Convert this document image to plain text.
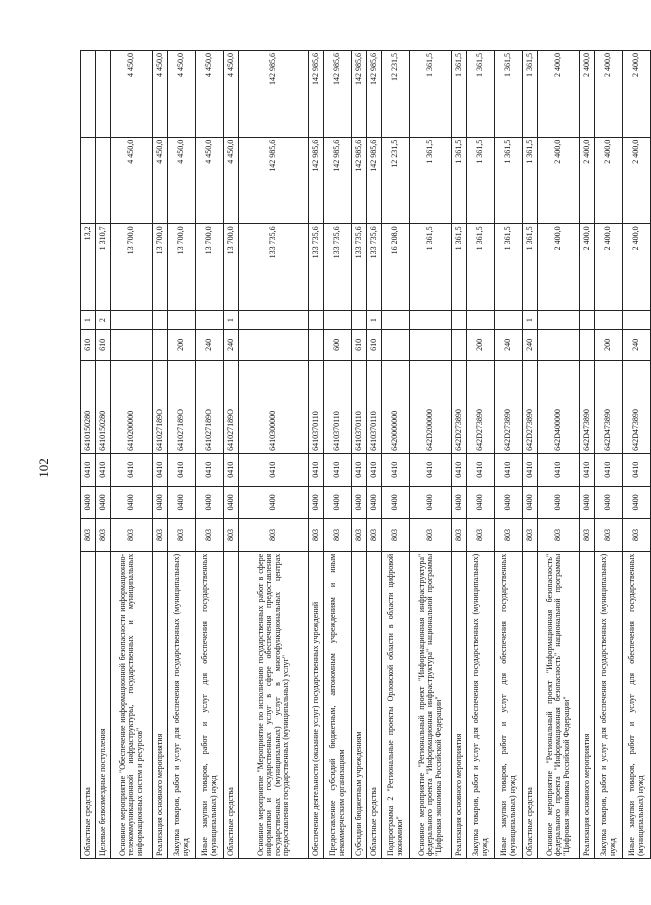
102
Областные средства	803	0400	0410	6410150280	610	1	13,2		
Целевые безвозмездные поступления	803	0400	0410	6410150280	610	2	1 310,7		
Основное мероприятие "Обеспечение информационной безопасности информационно-телекоммуникационной инфраструктуры, государственных и муниципальных информационных систем и ресурсов"	803	0400	0410	6410200000			13 700,0	4 450,0	4 450,0
Реализация основного мероприятия	803	0400	0410	641027189О			13 700,0	4 450,0	4 450,0
Закупка товаров, работ и услуг для обеспечения государственных (муниципальных) нужд	803	0400	0410	641027189О	200		13 700,0	4 450,0	4 450,0
Иные закупки товаров, работ и услуг для обеспечения государственных (муниципальных) нужд	803	0400	0410	641027189О	240		13 700,0	4 450,0	4 450,0
Областные средства	803	0400	0410	641027189О	240	1	13 700,0	4 450,0	4 450,0
Основное мероприятие "Мероприятие по исполнению государственных работ в сфере информатики и государственных услуг в сфере обеспечения предоставления государственных (муниципальных) услуг в многофункциональных центрах предоставления государственных (муниципальных) услуг"	803	0400	0410	6410300000			133 735,6	142 985,6	142 985,6
Обеспечение деятельности (оказание услуг) государственных учреждений	803	0400	0410	6410370110			133 735,6	142 985,6	142 985,6
Предоставление субсидий бюджетным, автономным учреждениям и иным некоммерческим организациям	803	0400	0410	6410370110	600		133 735,6	142 985,6	142 985,6
Субсидии бюджетным учреждениям	803	0400	0410	6410370110	610		133 735,6	142 985,6	142 985,6
Областные средства	803	0400	0410	6410370110	610	1	133 735,6	142 985,6	142 985,6
Подпрограмма 2 "Региональные проекты Орловской области в области цифровой экономики"	803	0400	0410	6420000000			16 208,0	12 231,5	12 231,5
Основное мероприятие "Региональный проект "Информационная инфраструктура" федерального проекта "Информационная инфраструктура" национальной программы "Цифровая экономика Российской Федерации"	803	0400	0410	642D200000			1 361,5	1 361,5	1 361,5
Реализация основного мероприятия	803	0400	0410	642D273890			1 361,5	1 361,5	1 361,5
Закупка товаров, работ и услуг для обеспечения государственных (муниципальных) нужд	803	0400	0410	642D273890	200		1 361,5	1 361,5	1 361,5
Иные закупки товаров, работ и услуг для обеспечения государственных (муниципальных) нужд	803	0400	0410	642D273890	240		1 361,5	1 361,5	1 361,5
Областные средства	803	0400	0410	642D273890	240	1	1 361,5	1 361,5	1 361,5
Основное мероприятие "Региональный проект "Информационная безопасность" федерального проекта "Информационная безопасность" национальной программы "Цифровая экономика Российской Федерации"	803	0400	0410	642D400000			2 400,0	2 400,0	2 400,0
Реализация основного мероприятия	803	0400	0410	642D473890			2 400,0	2 400,0	2 400,0
Закупка товаров, работ и услуг для обеспечения государственных (муниципальных) нужд	803	0400	0410	642D473890	200		2 400,0	2 400,0	2 400,0
Иные закупки товаров, работ и услуг для обеспечения государственных (муниципальных) нужд	803	0400	0410	642D473890	240		2 400,0	2 400,0	2 400,0
